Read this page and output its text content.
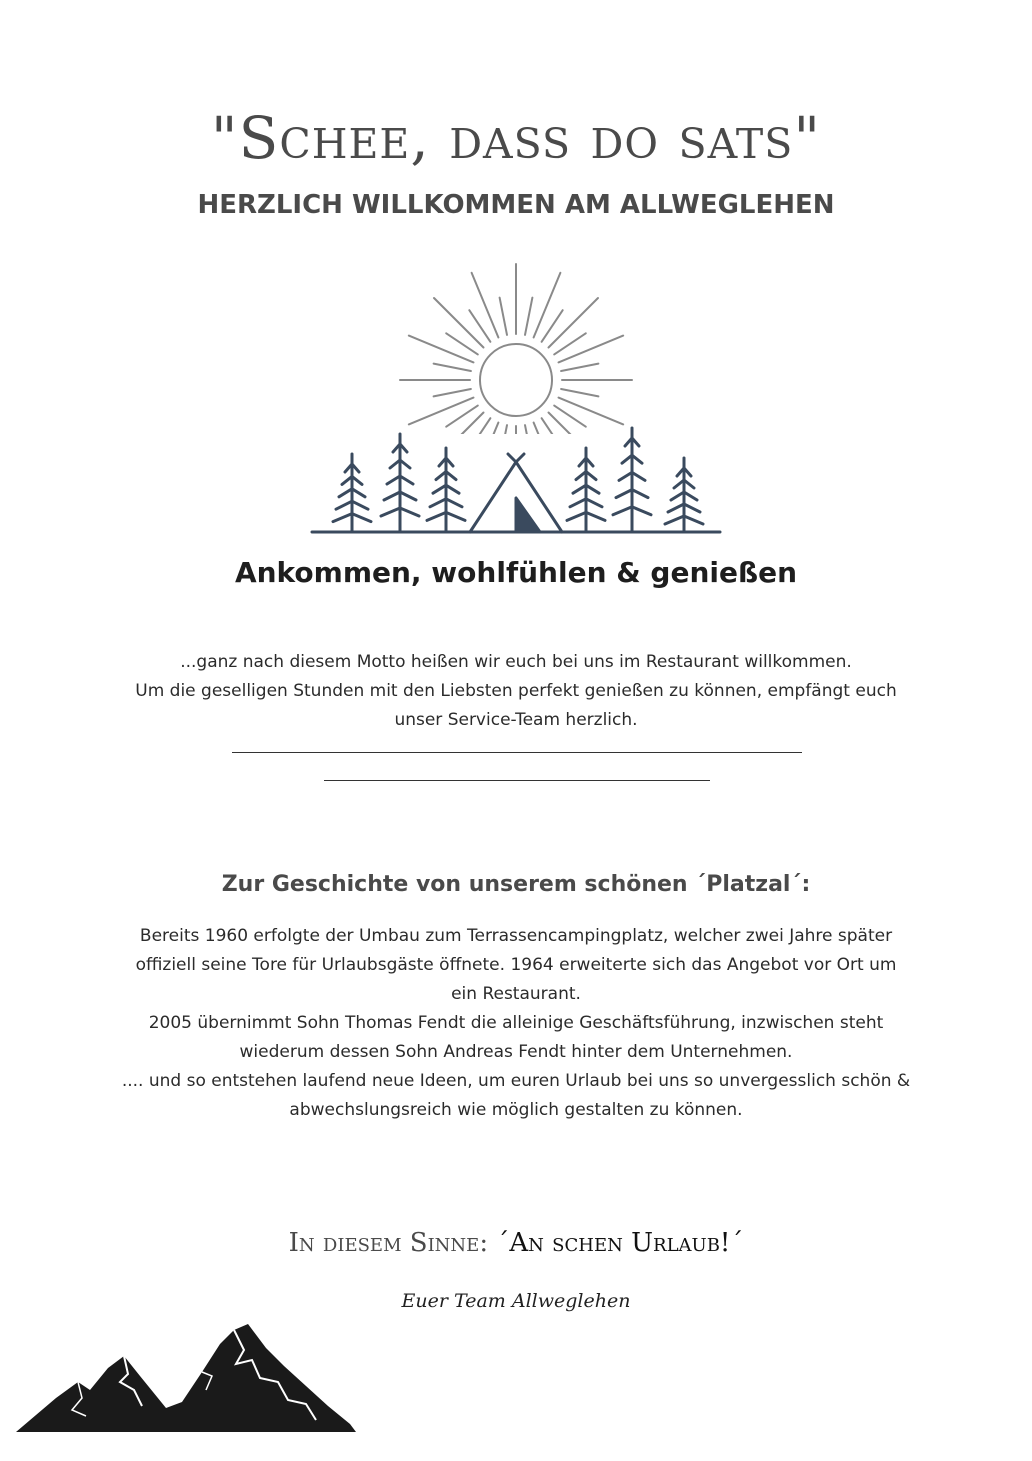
"Schee, dass do sats"
HERZLICH WILLKOMMEN AM ALLWEGLEHEN
Ankommen, wohlfühlen & genießen
...ganz nach diesem Motto heißen wir euch bei uns im Restaurant willkommen.
Um die geselligen Stunden mit den Liebsten perfekt genießen zu können, empfängt euch
unser Service-Team herzlich.
Zur Geschichte von unserem schönen ´Platzal´:
Bereits 1960 erfolgte der Umbau zum Terrassencampingplatz, welcher zwei Jahre später
offiziell seine Tore für Urlaubsgäste öffnete. 1964 erweiterte sich das Angebot vor Ort um
ein Restaurant.
2005 übernimmt Sohn Thomas Fendt die alleinige Geschäftsführung, inzwischen steht
wiederum dessen Sohn Andreas Fendt hinter dem Unternehmen.
.... und so entstehen laufend neue Ideen, um euren Urlaub bei uns so unvergesslich schön &
abwechslungsreich wie möglich gestalten zu können.
In diesem Sinne: ´An schen Urlaub!´
Euer Team Allweglehen
